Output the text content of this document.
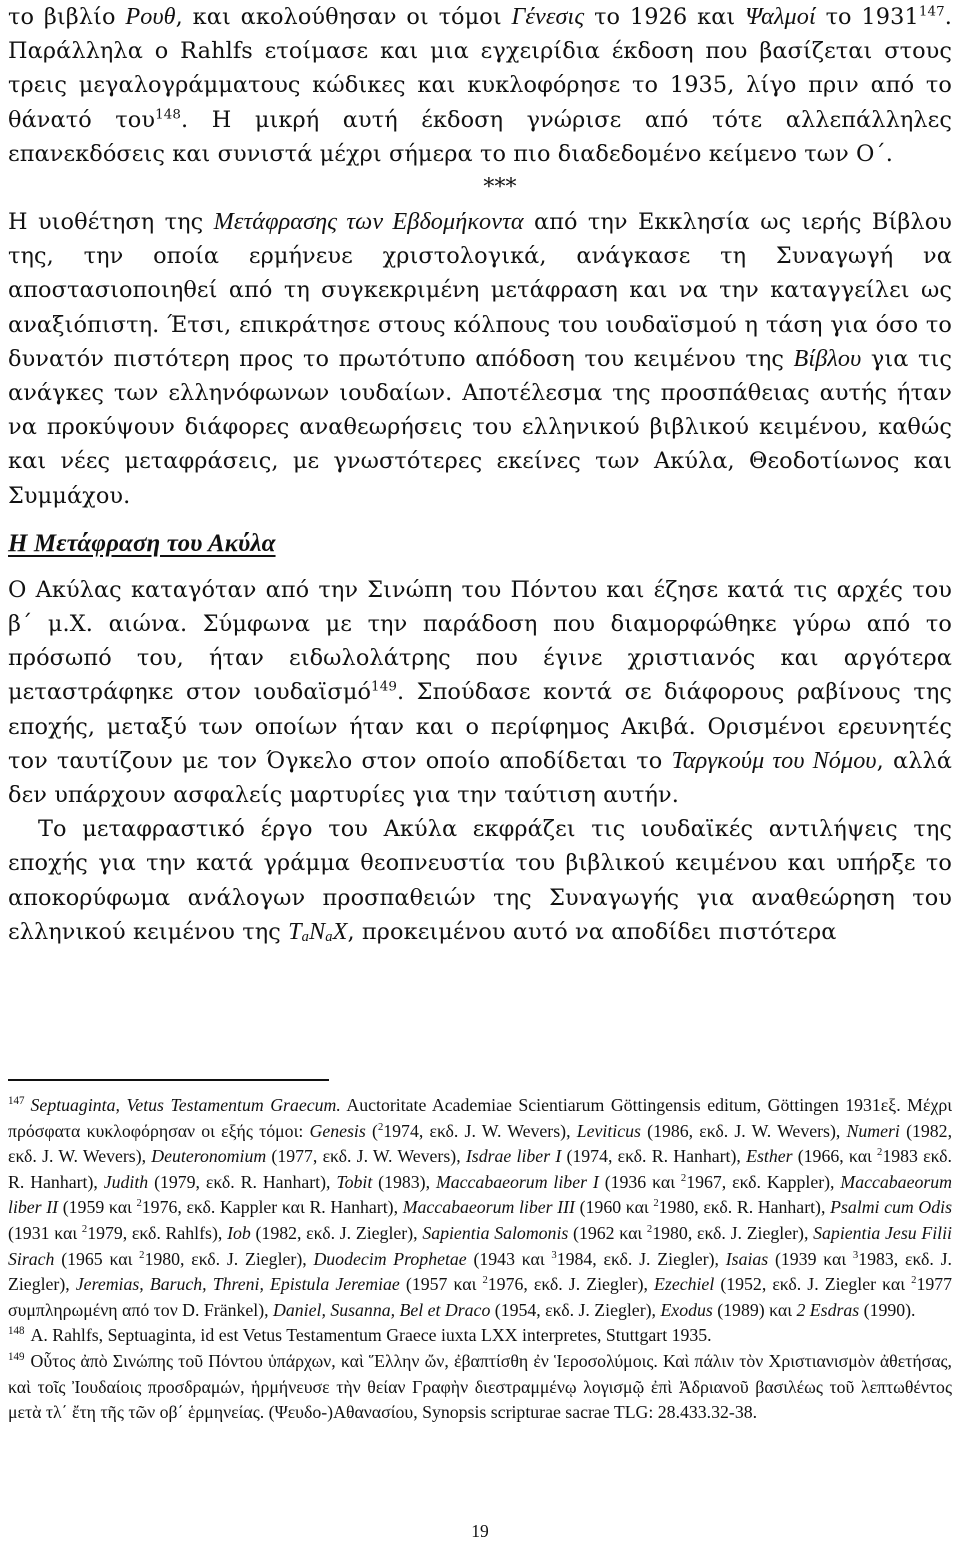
το βιβλίο Ρουθ, και ακολούθησαν οι τόμοι Γένεσις το 1926 και Ψαλμοί το 1931$^{147}$. Παράλληλα ο Rahlfs ετοίμασε και μια εγχειρίδια έκδοση που βασίζεται στους τρεις μεγαλογράμματους κώδικες και κυκλοφόρησε το 1935, λίγο πριν από το θάνατό του$^{148}$. Η μικρή αυτή έκδοση γνώρισε από τότε αλλεπάλληλες επανεκδόσεις και συνιστά μέχρι σήμερα το πιο διαδεδομένο κείμενο των Ο΄.

***

Η υιοθέτηση της Μετάφρασης των Εβδομήκοντα από την Εκκλησία ως ιερής Βίβλου της, την οποία ερμήνευε χριστολογικά, ανάγκασε τη Συναγωγή να αποστασιοποιηθεί από τη συγκεκριμένη μετάφραση και να την καταγγείλει ως αναξιόπιστη. Έτσι, επικράτησε στους κόλπους του ιουδαϊσμού η τάση για όσο το δυνατόν πιστότερη προς το πρωτότυπο απόδοση του κειμένου της Βίβλου για τις ανάγκες των ελληνόφωνων ιουδαίων. Αποτέλεσμα της προσπάθειας αυτής ήταν να προκύψουν διάφορες αναθεωρήσεις του ελληνικού βιβλικού κειμένου, καθώς και νέες μεταφράσεις, με γνωστότερες εκείνες των Ακύλα, Θεοδοτίωνος και Συμμάχου.

Η Μετάφραση του Ακύλα

Ο Ακύλας καταγόταν από την Σινώπη του Πόντου και έζησε κατά τις αρχές του β΄ μ.Χ. αιώνα. Σύμφωνα με την παράδοση που διαμορφώθηκε γύρω από το πρόσωπό του, ήταν ειδωλολάτρης που έγινε χριστιανός και αργότερα μεταστράφηκε στον ιουδαϊσμό$^{149}$. Σπούδασε κοντά σε διάφορους ραβίνους της εποχής, μεταξύ των οποίων ήταν και ο περίφημος Ακιβά. Ορισμένοι ερευνητές τον ταυτίζουν με τον Όγκελο στον οποίο αποδίδεται το Ταργκούμ του Νόμου, αλλά δεν υπάρχουν ασφαλείς μαρτυρίες για την ταύτιση αυτήν.

Το μεταφραστικό έργο του Ακύλα εκφράζει τις ιουδαϊκές αντιλήψεις της εποχής για την κατά γράμμα θεοπνευστία του βιβλικού κειμένου και υπήρξε το αποκορύφωμα ανάλογων προσπαθειών της Συναγωγής για αναθεώρηση του ελληνικού κειμένου της TaNaX, προκειμένου αυτό να αποδίδει πιστότερα

$^{147}$ Septuaginta, Vetus Testamentum Graecum. Auctoritate Academiae Scientiarum Göttingensis editum, Göttingen 1931εξ. Μέχρι πρόσφατα κυκλοφόρησαν οι εξής τόμοι: Genesis ($^2$1974, εκδ. J. W. Wevers), Leviticus (1986, εκδ. J. W. Wevers), Numeri (1982, εκδ. J. W. Wevers), Deuteronomium (1977, εκδ. J. W. Wevers), Isdrae liber I (1974, εκδ. R. Hanhart), Esther (1966, και $^2$1983 εκδ. R. Hanhart), Judith (1979, εκδ. R. Hanhart), Tobit (1983), Maccabaeorum liber I (1936 και $^2$1967, εκδ. Kappler), Maccabaeorum liber II (1959 και $^2$1976, εκδ. Kappler και R. Hanhart), Maccabaeorum liber III (1960 και $^2$1980, εκδ. R. Hanhart), Psalmi cum Odis (1931 και $^2$1979, εκδ. Rahlfs), Iob (1982, εκδ. J. Ziegler), Sapientia Salomonis (1962 και $^2$1980, εκδ. J. Ziegler), Sapientia Jesu Filii Sirach (1965 και $^2$1980, εκδ. J. Ziegler), Duodecim Prophetae (1943 και $^3$1984, εκδ. J. Ziegler), Isaias (1939 και $^3$1983, εκδ. J. Ziegler), Jeremias, Baruch, Threni, Epistula Jeremiae (1957 και $^2$1976, εκδ. J. Ziegler), Ezechiel (1952, εκδ. J. Ziegler και $^2$1977 συμπληρωμένη από τον D. Fränkel), Daniel, Susanna, Bel et Draco (1954, εκδ. J. Ziegler), Exodus (1989) και 2 Esdras (1990).

$^{148}$ A. Rahlfs, Septuaginta, id est Vetus Testamentum Graece iuxta LXX interpretes, Stuttgart 1935.

$^{149}$ Οὗτος ἀπὸ Σινώπης τοῦ Πόντου ὑπάρχων, καὶ Ἕλλην ὤν, ἐβαπτίσθη ἐν Ἱεροσολύμοις. Καὶ πάλιν τὸν Χριστιανισμὸν ἀθετήσας, καὶ τοῖς Ἰουδαίοις προσδραμών, ἡρμήνευσε τὴν θείαν Γραφὴν διεστραμμένῳ λογισμῷ ἐπὶ Ἀδριανοῦ βασιλέως τοῦ λεπτωθέντος μετὰ τλ΄ ἔτη τῆς τῶν οβ΄ ἑρμηνείας. (Ψευδο-)Αθανασίου, Synopsis scripturae sacrae TLG: 28.433.32-38.

19
